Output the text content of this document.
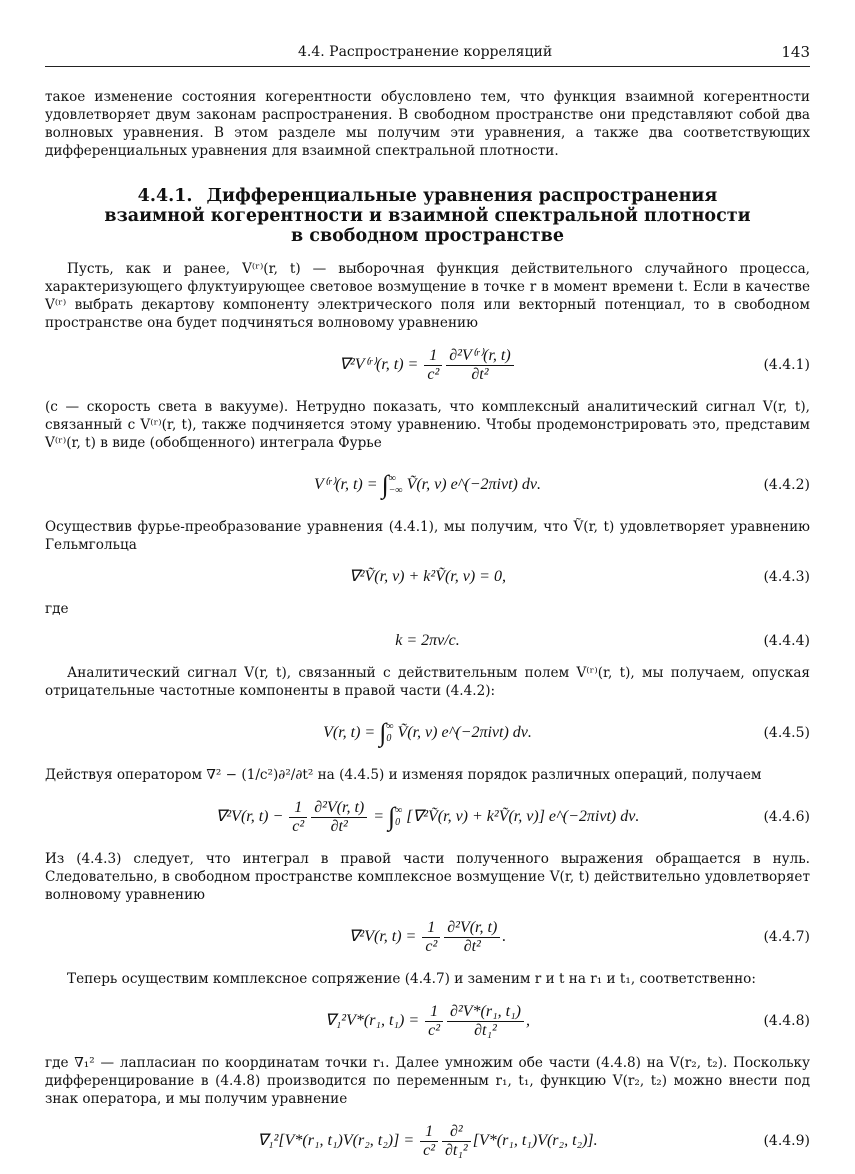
4.4. Распространение корреляций	143

такое изменение состояния когерентности обусловлено тем, что функция взаимной когерентности удовлетворяет двум законам распространения. В свободном пространстве они представляют собой два волновых уравнения. В этом разделе мы получим эти уравнения, а также два соответствующих дифференциальных уравнения для взаимной спектральной плотности.

4.4.1. Дифференциальные уравнения распространения
взаимной когерентности и взаимной спектральной плотности
в свободном пространстве

Пусть, как и ранее, V⁽ʳ⁾(r, t) — выборочная функция действительного случайного процесса, характеризующего флуктуирующее световое возмущение в точке r в момент времени t. Если в качестве V⁽ʳ⁾ выбрать декартову компоненту электрического поля или векторный потенциал, то в свободном пространстве она будет подчиняться волновому уравнению

∇²V⁽ʳ⁾(r, $t) = \frac{1}{\text{c²}} \frac{\text{∂²V⁽ʳ⁾(r, t)}}{\text{∂t²}}$	(4.4.1)

(c — скорость света в вакууме). Нетрудно показать, что комплексный аналитический сигнал V(r, t), связанный с V⁽ʳ⁾(r, t), также подчиняется этому уравнению. Чтобы продемонстрировать это, представим V⁽ʳ⁾(r, t) в виде (обобщенного) интеграла Фурье

V⁽ʳ⁾(r, t) = ∫ ∞
−∞ Ṽ(r, ν) e^(−2πiνt) dν.	(4.4.2)

Осуществив фурье-преобразование уравнения (4.4.1), мы получим, что Ṽ(r, t) удовлетворяет уравнению Гельмгольца

∇²Ṽ(r, ν) + k²Ṽ(r, ν) = 0,	(4.4.3)

где

k = 2πν/c.	(4.4.4)

Аналитический сигнал V(r, t), связанный с действительным полем V⁽ʳ⁾(r, t), мы получаем, опуская отрицательные частотные компоненты в правой части (4.4.2):

V(r, t) = ∫ ∞
0 Ṽ(r, ν) e^(−2πiνt) dν.	(4.4.5)

Действуя оператором ∇² − (1/c²)∂²/∂t² на (4.4.5) и изменяя порядок различных операций, получаем

∇²V(r, $t) - \frac{1}{\text{c²}} \frac{\text{∂²V(r, t)}}{\text{∂t²}}$ = ∫ ∞
0 [∇²Ṽ(r, ν) + k²Ṽ(r, ν)] e^(−2πiνt) dν.	(4.4.6)

Из (4.4.3) следует, что интеграл в правой части полученного выражения обращается в нуль. Следовательно, в свободном пространстве комплексное возмущение V(r, t) действительно удовлетворяет волновому уравнению

∇²V(r, $t) = \frac{1}{\text{c²}} \frac{\text{∂²V(r, t)}}{\text{∂t²}}$ .	(4.4.7)

Теперь осуществим комплексное сопряжение (4.4.7) и заменим r и t на r₁ и t₁, соответственно:

∇₁²V*(r₁, $t_1) = \frac{1}{\text{c²}} \frac{\text{∂²V*(r₁, t₁)}}{\text{∂t₁²}}$ ,	(4.4.8)

где ∇₁² — лапласиан по координатам точки r₁. Далее умножим обе части (4.4.8) на V(r₂, t₂). Поскольку дифференцирование в (4.4.8) производится по переменным r₁, t₁, функцию V(r₂, t₂) можно внести под знак оператора, и мы получим уравнение

∇₁²[V*(r₁, t₁)V(r₂, $t_2)] = \frac{1}{\text{c²}} \frac{\text{∂²}}{\text{∂t₁²}} [V*(r_1$, t₁)V(r₂, t₂)].	(4.4.9)
